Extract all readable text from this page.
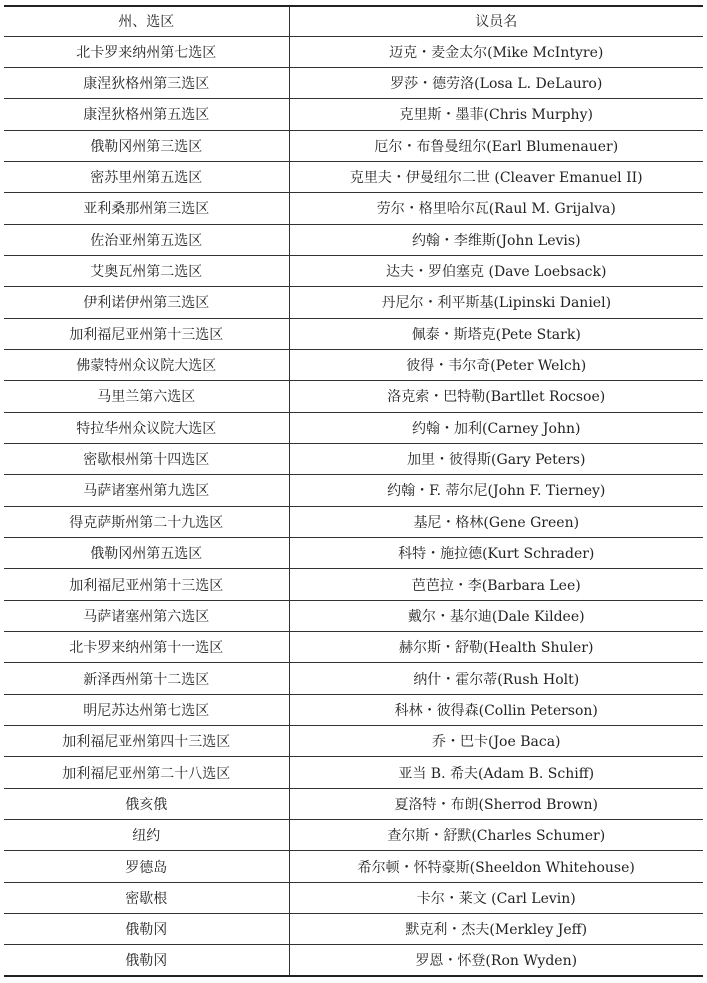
州、选区	议员名
北卡罗来纳州第七选区	迈克・麦金太尔(Mike McIntyre)
康涅狄格州第三选区	罗莎・德劳洛(Losa L. DeLauro)
康涅狄格州第五选区	克里斯・墨菲(Chris Murphy)
俄勒冈州第三选区	厄尔・布鲁曼纽尔(Earl Blumenauer)
密苏里州第五选区	克里夫・伊曼纽尔二世 (Cleaver Emanuel II)
亚利桑那州第三选区	劳尔・格里哈尔瓦(Raul M. Grijalva)
佐治亚州第五选区	约翰・李维斯(John Levis)
艾奥瓦州第二选区	达夫・罗伯塞克 (Dave Loebsack)
伊利诺伊州第三选区	丹尼尔・利平斯基(Lipinski Daniel)
加利福尼亚州第十三选区	佩泰・斯塔克(Pete Stark)
佛蒙特州众议院大选区	彼得・韦尔奇(Peter Welch)
马里兰第六选区	洛克索・巴特勒(Bartllet Rocsoe)
特拉华州众议院大选区	约翰・加利(Carney John)
密歇根州第十四选区	加里・彼得斯(Gary Peters)
马萨诸塞州第九选区	约翰・F. 蒂尔尼(John F. Tierney)
得克萨斯州第二十九选区	基尼・格林(Gene Green)
俄勒冈州第五选区	科特・施拉德(Kurt Schrader)
加利福尼亚州第十三选区	芭芭拉・李(Barbara Lee)
马萨诸塞州第六选区	戴尔・基尔迪(Dale Kildee)
北卡罗来纳州第十一选区	赫尔斯・舒勒(Health Shuler)
新泽西州第十二选区	纳什・霍尔蒂(Rush Holt)
明尼苏达州第七选区	科林・彼得森(Collin Peterson)
加利福尼亚州第四十三选区	乔・巴卡(Joe Baca)
加利福尼亚州第二十八选区	亚当 B. 希夫(Adam B. Schiff)
俄亥俄	夏洛特・布朗(Sherrod Brown)
纽约	查尔斯・舒默(Charles Schumer)
罗德岛	希尔顿・怀特豪斯(Sheeldon Whitehouse)
密歇根	卡尔・莱文 (Carl Levin)
俄勒冈	默克利・杰夫(Merkley Jeff)
俄勒冈	罗恩・怀登(Ron Wyden)
